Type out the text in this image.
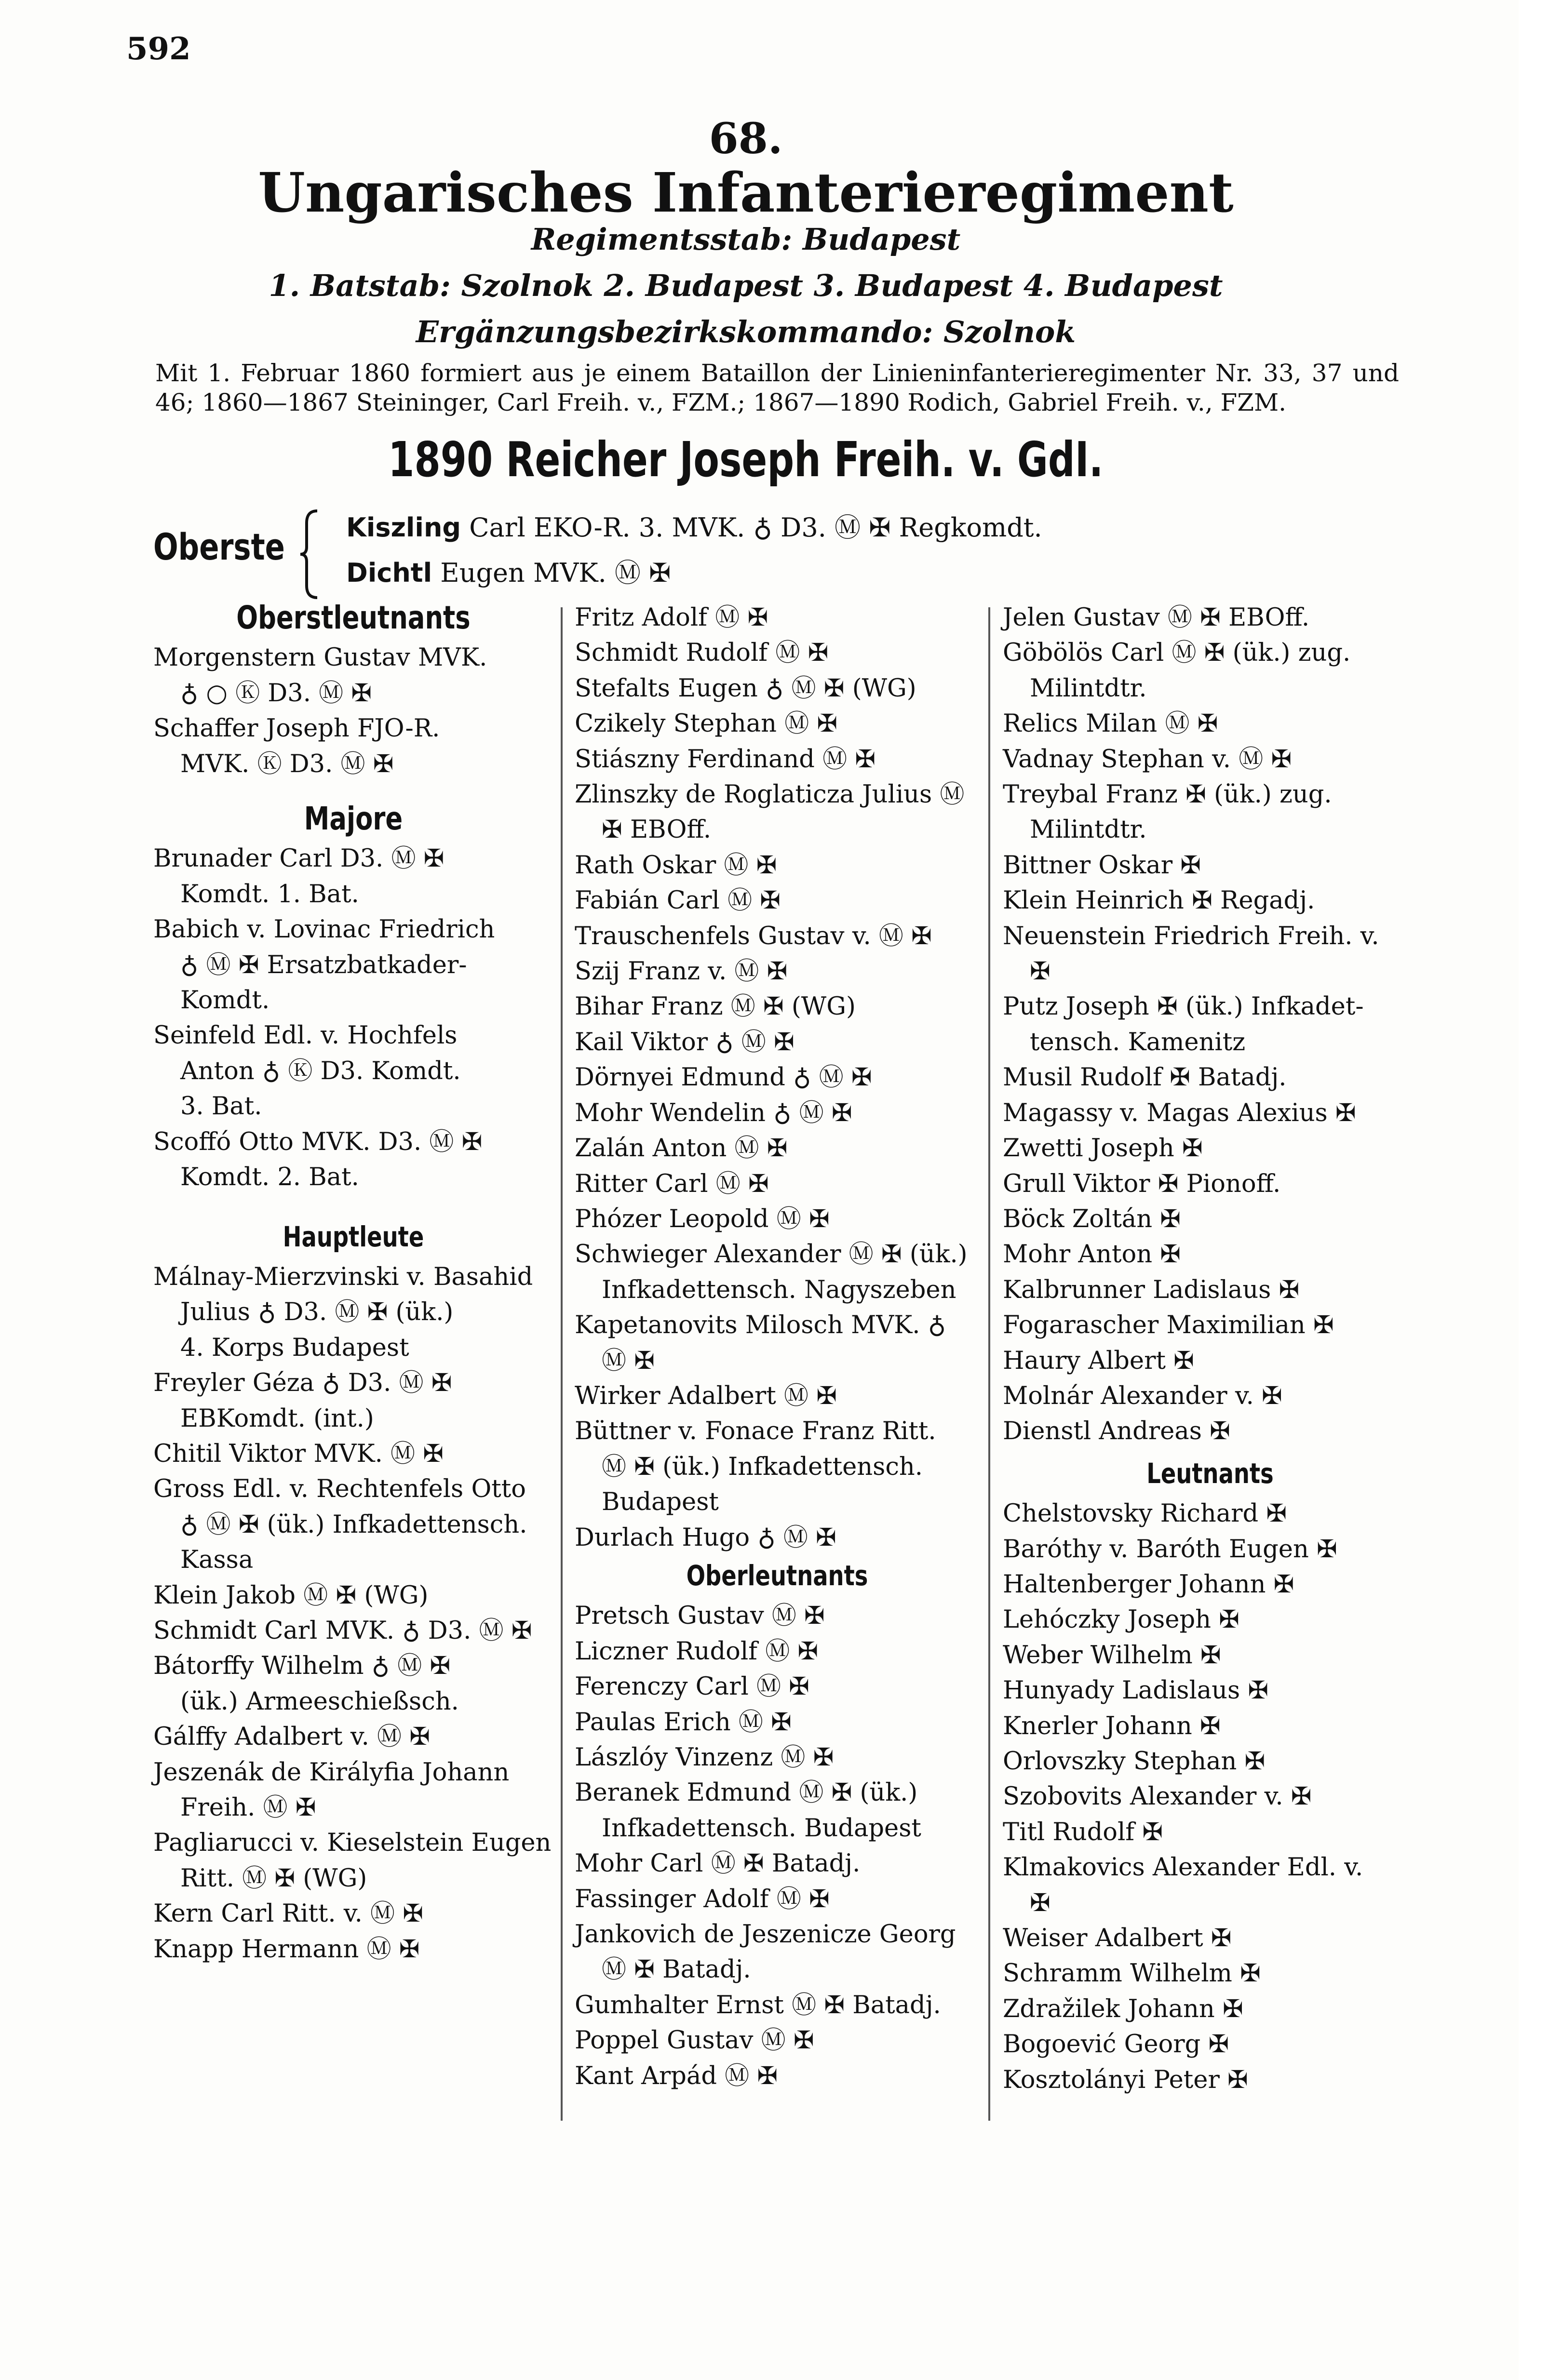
592
68.
Ungarisches Infanterieregiment
Regimentsstab: Budapest
1. Batstab: Szolnok 2. Budapest 3. Budapest 4. Budapest
Ergänzungsbezirkskommando: Szolnok
Mit 1. Februar 1860 formiert aus je einem Bataillon der Linieninfanterieregimenter Nr. 33, 37 und 46; 1860—1867 Steininger, Carl Freih. v., FZM.; 1867—1890 Rodich, Gabriel Freih. v., FZM.
1890 Reicher Joseph Freih. v. GdI.
Oberste Kiszling Carl EKO-R. 3. MVK. ♁ D3. Ⓜ ✠ Regkomdt.
Dichtl Eugen MVK. Ⓜ ✠
Oberstleutnants
Morgenstern Gustav MVK.
♁ ○ Ⓚ D3. Ⓜ ✠
Schaffer Joseph FJO-R.
MVK. Ⓚ D3. Ⓜ ✠
Majore
Brunader Carl D3. Ⓜ ✠
Komdt. 1. Bat.
Babich v. Lovinac Friedrich
♁ Ⓜ ✠ Ersatzbatkader-
Komdt.
Seinfeld Edl. v. Hochfels
Anton ♁ Ⓚ D3. Komdt.
3. Bat.
Scoffó Otto MVK. D3. Ⓜ ✠
Komdt. 2. Bat.
Hauptleute
Málnay-Mierzvinski v. Basahid
Julius ♁ D3. Ⓜ ✠ (ük.)
4. Korps Budapest
Freyler Géza ♁ D3. Ⓜ ✠
EBKomdt. (int.)
Chitil Viktor MVK. Ⓜ ✠
Gross Edl. v. Rechtenfels Otto
♁ Ⓜ ✠ (ük.) Infkadettensch.
Kassa
Klein Jakob Ⓜ ✠ (WG)
Schmidt Carl MVK. ♁ D3. Ⓜ ✠
Bátorffy Wilhelm ♁ Ⓜ ✠
(ük.) Armeeschießsch.
Gálffy Adalbert v. Ⓜ ✠
Jeszenák de Királyfia Johann
Freih. Ⓜ ✠
Pagliarucci v. Kieselstein Eugen
Ritt. Ⓜ ✠ (WG)
Kern Carl Ritt. v. Ⓜ ✠
Knapp Hermann Ⓜ ✠
Fritz Adolf Ⓜ ✠
Schmidt Rudolf Ⓜ ✠
Stefalts Eugen ♁ Ⓜ ✠ (WG)
Czikely Stephan Ⓜ ✠
Stiászny Ferdinand Ⓜ ✠
Zlinszky de Roglaticza Julius Ⓜ
✠ EBOff.
Rath Oskar Ⓜ ✠
Fabián Carl Ⓜ ✠
Trauschenfels Gustav v. Ⓜ ✠
Szij Franz v. Ⓜ ✠
Bihar Franz Ⓜ ✠ (WG)
Kail Viktor ♁ Ⓜ ✠
Dörnyei Edmund ♁ Ⓜ ✠
Mohr Wendelin ♁ Ⓜ ✠
Zalán Anton Ⓜ ✠
Ritter Carl Ⓜ ✠
Phózer Leopold Ⓜ ✠
Schwieger Alexander Ⓜ ✠ (ük.)
Infkadettensch. Nagyszeben
Kapetanovits Milosch MVK. ♁
Ⓜ ✠
Wirker Adalbert Ⓜ ✠
Büttner v. Fonace Franz Ritt.
Ⓜ ✠ (ük.) Infkadettensch.
Budapest
Durlach Hugo ♁ Ⓜ ✠
Oberleutnants
Pretsch Gustav Ⓜ ✠
Liczner Rudolf Ⓜ ✠
Ferenczy Carl Ⓜ ✠
Paulas Erich Ⓜ ✠
Lászlóy Vinzenz Ⓜ ✠
Beranek Edmund Ⓜ ✠ (ük.)
Infkadettensch. Budapest
Mohr Carl Ⓜ ✠ Batadj.
Fassinger Adolf Ⓜ ✠
Jankovich de Jeszenicze Georg
Ⓜ ✠ Batadj.
Gumhalter Ernst Ⓜ ✠ Batadj.
Poppel Gustav Ⓜ ✠
Kant Arpád Ⓜ ✠
Jelen Gustav Ⓜ ✠ EBOff.
Göbölös Carl Ⓜ ✠ (ük.) zug.
Milintdtr.
Relics Milan Ⓜ ✠
Vadnay Stephan v. Ⓜ ✠
Treybal Franz ✠ (ük.) zug.
Milintdtr.
Bittner Oskar ✠
Klein Heinrich ✠ Regadj.
Neuenstein Friedrich Freih. v.
✠
Putz Joseph ✠ (ük.) Infkadet-
tensch. Kamenitz
Musil Rudolf ✠ Batadj.
Magassy v. Magas Alexius ✠
Zwetti Joseph ✠
Grull Viktor ✠ Pionoff.
Böck Zoltán ✠
Mohr Anton ✠
Kalbrunner Ladislaus ✠
Fogarascher Maximilian ✠
Haury Albert ✠
Molnár Alexander v. ✠
Dienstl Andreas ✠
Leutnants
Chelstovsky Richard ✠
Baróthy v. Baróth Eugen ✠
Haltenberger Johann ✠
Lehóczky Joseph ✠
Weber Wilhelm ✠
Hunyady Ladislaus ✠
Knerler Johann ✠
Orlovszky Stephan ✠
Szobovits Alexander v. ✠
Titl Rudolf ✠
Klmakovics Alexander Edl. v.
✠
Weiser Adalbert ✠
Schramm Wilhelm ✠
Zdražilek Johann ✠
Bogoević Georg ✠
Kosztolányi Peter ✠
